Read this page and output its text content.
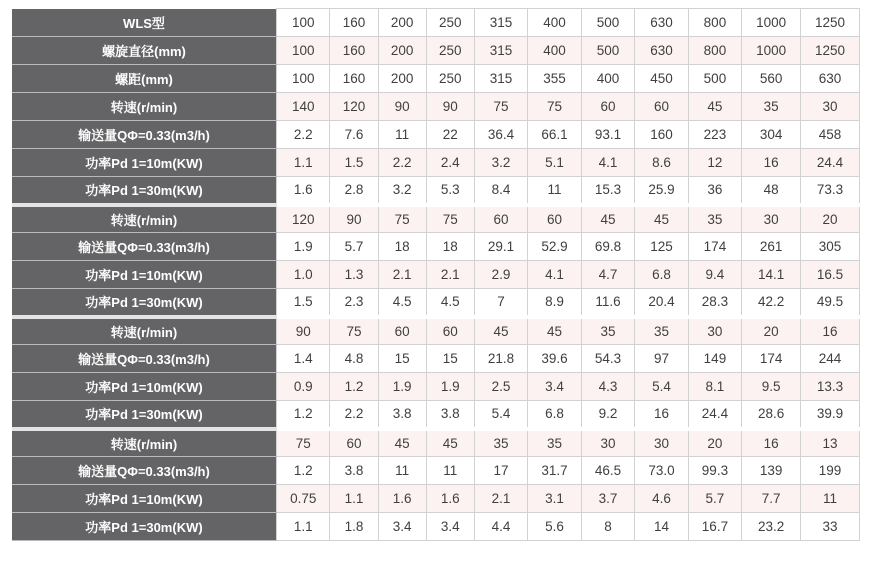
WLS型	100	160	200	250	315	400	500	630	800	1000	1250
螺旋直径(mm)	100	160	200	250	315	400	500	630	800	1000	1250
螺距(mm)	100	160	200	250	315	355	400	450	500	560	630
转速(r/min)	140	120	90	90	75	75	60	60	45	35	30
输送量QΦ=0.33(m3/h)	2.2	7.6	11	22	36.4	66.1	93.1	160	223	304	458
功率Pd 1=10m(KW)	1.1	1.5	2.2	2.4	3.2	5.1	4.1	8.6	12	16	24.4
功率Pd 1=30m(KW)	1.6	2.8	3.2	5.3	8.4	11	15.3	25.9	36	48	73.3
转速(r/min)	120	90	75	75	60	60	45	45	35	30	20
输送量QΦ=0.33(m3/h)	1.9	5.7	18	18	29.1	52.9	69.8	125	174	261	305
功率Pd 1=10m(KW)	1.0	1.3	2.1	2.1	2.9	4.1	4.7	6.8	9.4	14.1	16.5
功率Pd 1=30m(KW)	1.5	2.3	4.5	4.5	7	8.9	11.6	20.4	28.3	42.2	49.5
转速(r/min)	90	75	60	60	45	45	35	35	30	20	16
输送量QΦ=0.33(m3/h)	1.4	4.8	15	15	21.8	39.6	54.3	97	149	174	244
功率Pd 1=10m(KW)	0.9	1.2	1.9	1.9	2.5	3.4	4.3	5.4	8.1	9.5	13.3
功率Pd 1=30m(KW)	1.2	2.2	3.8	3.8	5.4	6.8	9.2	16	24.4	28.6	39.9
转速(r/min)	75	60	45	45	35	35	30	30	20	16	13
输送量QΦ=0.33(m3/h)	1.2	3.8	11	11	17	31.7	46.5	73.0	99.3	139	199
功率Pd 1=10m(KW)	0.75	1.1	1.6	1.6	2.1	3.1	3.7	4.6	5.7	7.7	11
功率Pd 1=30m(KW)	1.1	1.8	3.4	3.4	4.4	5.6	8	14	16.7	23.2	33
